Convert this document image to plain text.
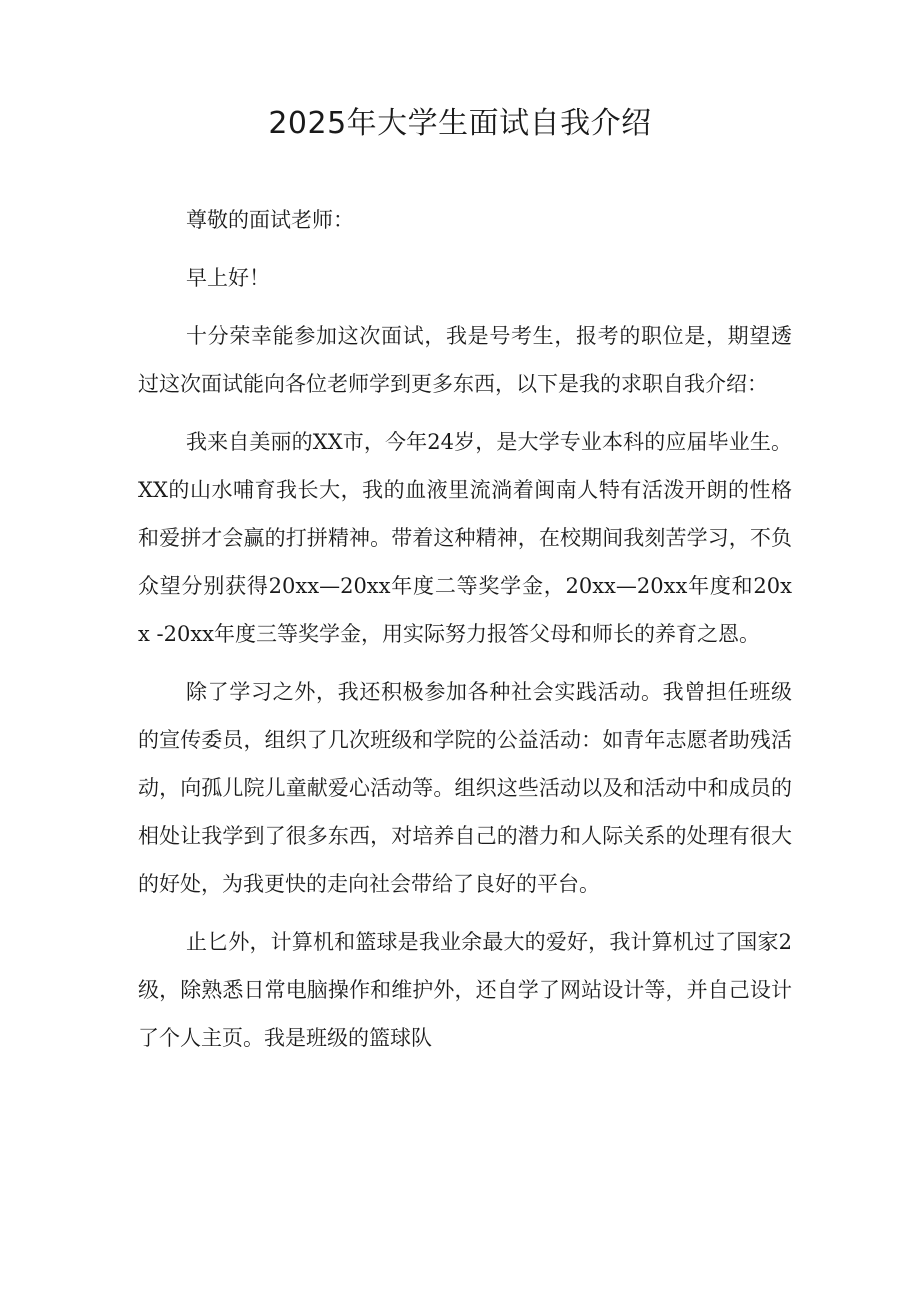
2025年大学生面试自我介绍

尊敬的面试老师：

早上好！

十分荣幸能参加这次面试，我是号考生，报考的职位是，期望透过这次面试能向各位老师学到更多东西，以下是我的求职自我介绍：

我来自美丽的XX市，今年24岁，是大学专业本科的应届毕业生。XX的山水哺育我长大，我的血液里流淌着闽南人特有活泼开朗的性格和爱拼才会赢的打拼精神。带着这种精神，在校期间我刻苦学习，不负众望分别获得20xx—20xx年度二等奖学金，20xx—20xx年度和20x x -20xx年度三等奖学金，用实际努力报答父母和师长的养育之恩。

除了学习之外，我还积极参加各种社会实践活动。我曾担任班级的宣传委员，组织了几次班级和学院的公益活动：如青年志愿者助残活动，向孤儿院儿童献爱心活动等。组织这些活动以及和活动中和成员的相处让我学到了很多东西，对培养自己的潜力和人际关系的处理有很大的好处，为我更快的走向社会带给了良好的平台。

止匕外，计算机和篮球是我业余最大的爱好，我计算机过了国家2级，除熟悉日常电脑操作和维护外，还自学了网站设计等，并自己设计了个人主页。我是班级的篮球队
